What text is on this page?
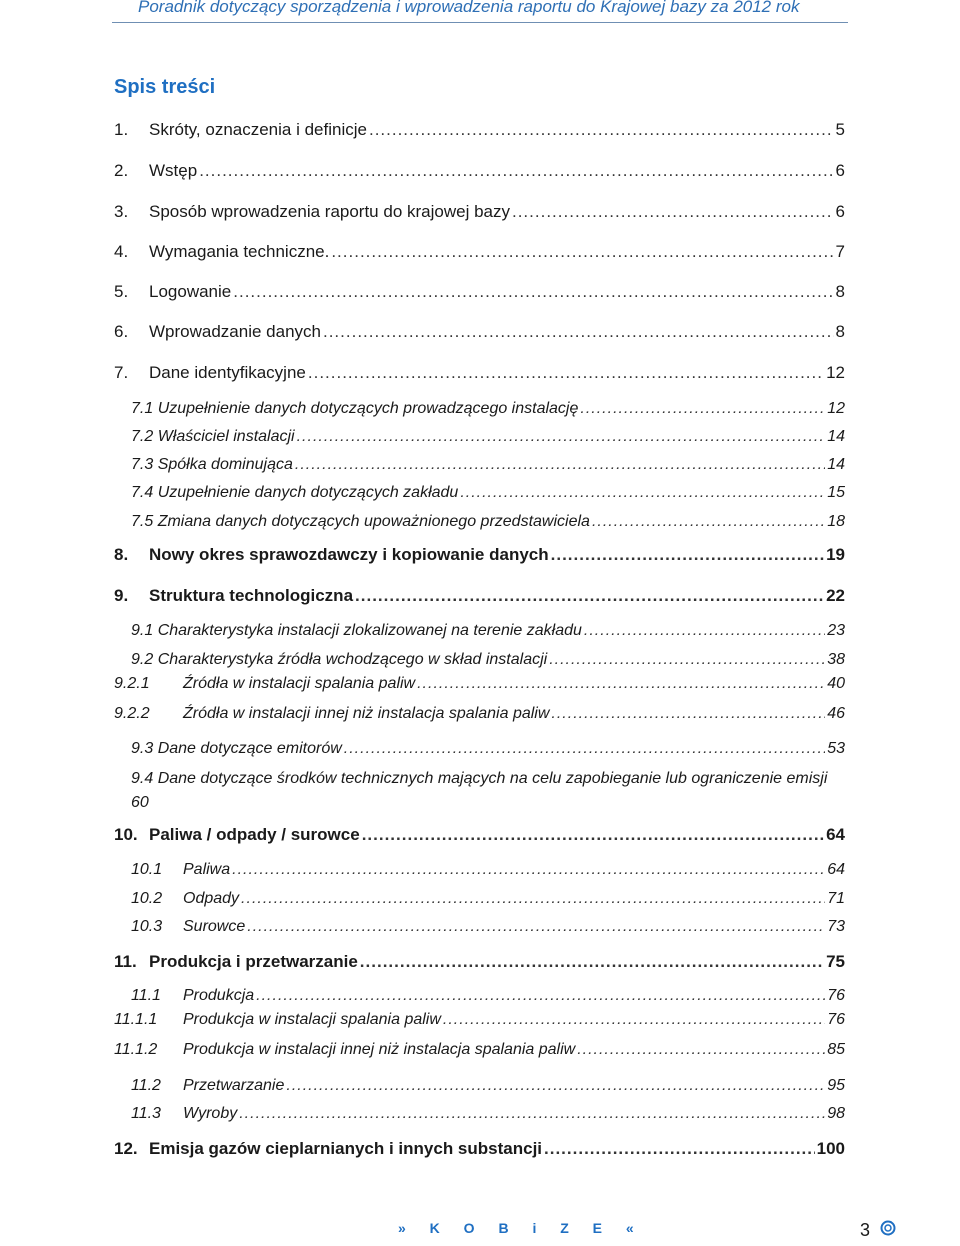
Poradnik dotyczący sporządzenia i wprowadzenia raportu do Krajowej bazy za 2012 rok
Spis treści
1.	Skróty, oznaczenia i definicje .....	5
2.	Wstęp .....	6
3.	Sposób wprowadzenia raportu do krajowej bazy .....	6
4.	Wymagania techniczne. .....	7
5.	Logowanie .....	8
6.	Wprowadzanie danych .....	8
7.	Dane identyfikacyjne .....	12
7.1 Uzupełnienie danych dotyczących prowadzącego instalację .....	12
7.2 Właściciel instalacji .....	14
7.3 Spółka dominująca .....	14
7.4 Uzupełnienie danych dotyczących zakładu .....	15
7.5 Zmiana danych dotyczących upoważnionego przedstawiciela .....	18
8.	Nowy okres sprawozdawczy i kopiowanie danych .....	19
9.	Struktura technologiczna .....	22
9.1 Charakterystyka instalacji zlokalizowanej na terenie zakładu .....	23
9.2 Charakterystyka źródła wchodzącego w skład instalacji .....	38
9.2.1	Źródła w instalacji spalania paliw .....	40
9.2.2	Źródła w instalacji innej niż instalacja spalania paliw .....	46
9.3 Dane dotyczące emitorów .....	53
9.4 Dane dotyczące środków technicznych mających na celu zapobieganie lub ograniczenie emisji 60
10. Paliwa / odpady / surowce .....	64
10.1	Paliwa .....	64
10.2	Odpady .....	71
10.3	Surowce .....	73
11. Produkcja i przetwarzanie .....	75
11.1	Produkcja .....	76
11.1.1	Produkcja w instalacji spalania paliw .....	76
11.1.2	Produkcja w instalacji innej niż instalacja spalania paliw .....	85
11.2	Przetwarzanie .....	95
11.3	Wyroby .....	98
12. Emisja gazów cieplarnianych i innych substancji .....	100
» K O B i Z E «	3
